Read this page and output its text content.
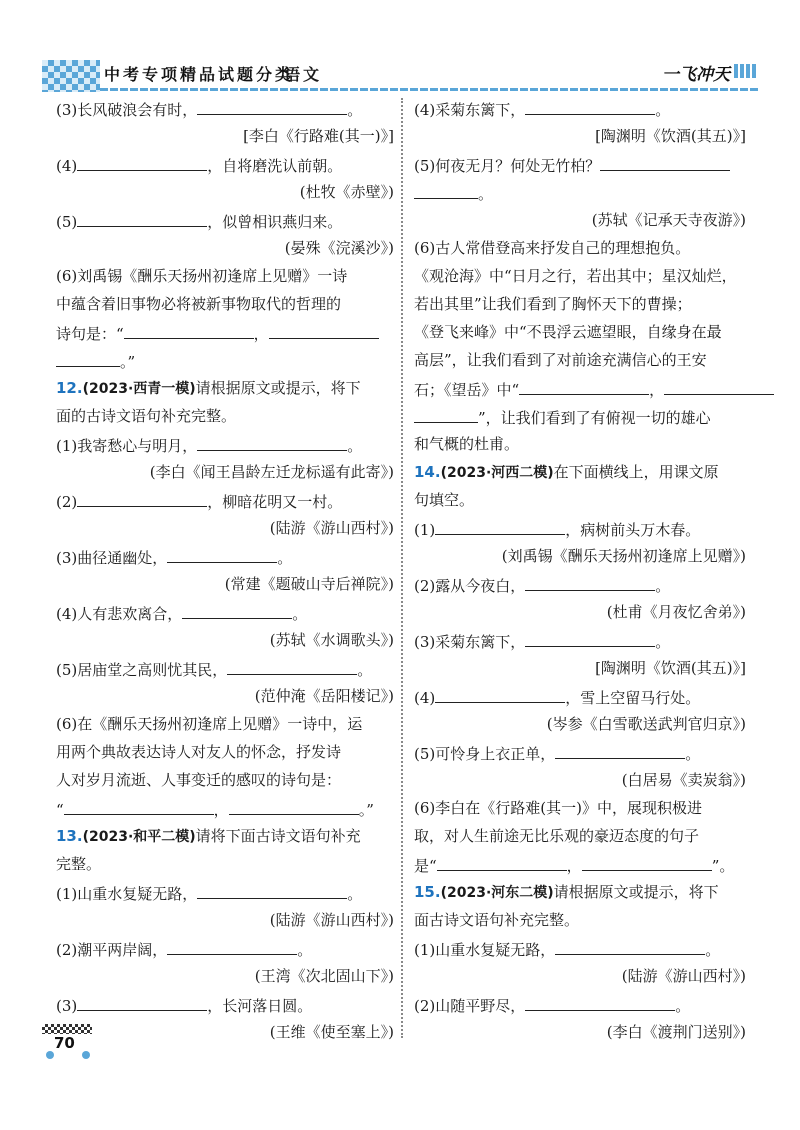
中考专项精品试题分类
语文	一飞冲天
(3)长风破浪会有时，	。
[李白《行路难(其一)》]
(4)	，自将磨洗认前朝。
(杜牧《赤壁》)
(5)	，似曾相识燕归来。
(晏殊《浣溪沙》)
(6)刘禹锡《酬乐天扬州初逢席上见赠》一诗
中蕴含着旧事物必将被新事物取代的哲理的
诗句是：“	，
。”
12.(2023·西青一模)请根据原文或提示，将下
面的古诗文语句补充完整。
(1)我寄愁心与明月，	。
(李白《闻王昌龄左迁龙标遥有此寄》)
(2)	，柳暗花明又一村。
(陆游《游山西村》)
(3)曲径通幽处，	。
(常建《题破山寺后禅院》)
(4)人有悲欢离合，	。
(苏轼《水调歌头》)
(5)居庙堂之高则忧其民，	。
(范仲淹《岳阳楼记》)
(6)在《酬乐天扬州初逢席上见赠》一诗中，运
用两个典故表达诗人对友人的怀念，抒发诗
人对岁月流逝、人事变迁的感叹的诗句是：
“	，	。”
13.(2023·和平二模)请将下面古诗文语句补充
完整。
(1)山重水复疑无路，	。
(陆游《游山西村》)
(2)潮平两岸阔，	。
(王湾《次北固山下》)
(3)	，长河落日圆。
(王维《使至塞上》)
(4)采菊东篱下，	。
[陶渊明《饮酒(其五)》]
(5)何夜无月？何处无竹柏？
。
(苏轼《记承天寺夜游》)
(6)古人常借登高来抒发自己的理想抱负。
《观沧海》中“日月之行，若出其中；星汉灿烂，
若出其里”让我们看到了胸怀天下的曹操；
《登飞来峰》中“不畏浮云遮望眼，自缘身在最
高层”，让我们看到了对前途充满信心的王安
石；《望岳》中“	，
”，让我们看到了有俯视一切的雄心
和气概的杜甫。
14.(2023·河西二模)在下面横线上，用课文原
句填空。
(1)	，病树前头万木春。
(刘禹锡《酬乐天扬州初逢席上见赠》)
(2)露从今夜白，	。
(杜甫《月夜忆舍弟》)
(3)采菊东篱下，	。
[陶渊明《饮酒(其五)》]
(4)	，雪上空留马行处。
(岑参《白雪歌送武判官归京》)
(5)可怜身上衣正单，	。
(白居易《卖炭翁》)
(6)李白在《行路难(其一)》中，展现积极进
取，对人生前途无比乐观的豪迈态度的句子
是“	，	”。
15.(2023·河东二模)请根据原文或提示，将下
面古诗文语句补充完整。
(1)山重水复疑无路，	。
(陆游《游山西村》)
(2)山随平野尽，	。
(李白《渡荆门送别》)
70
